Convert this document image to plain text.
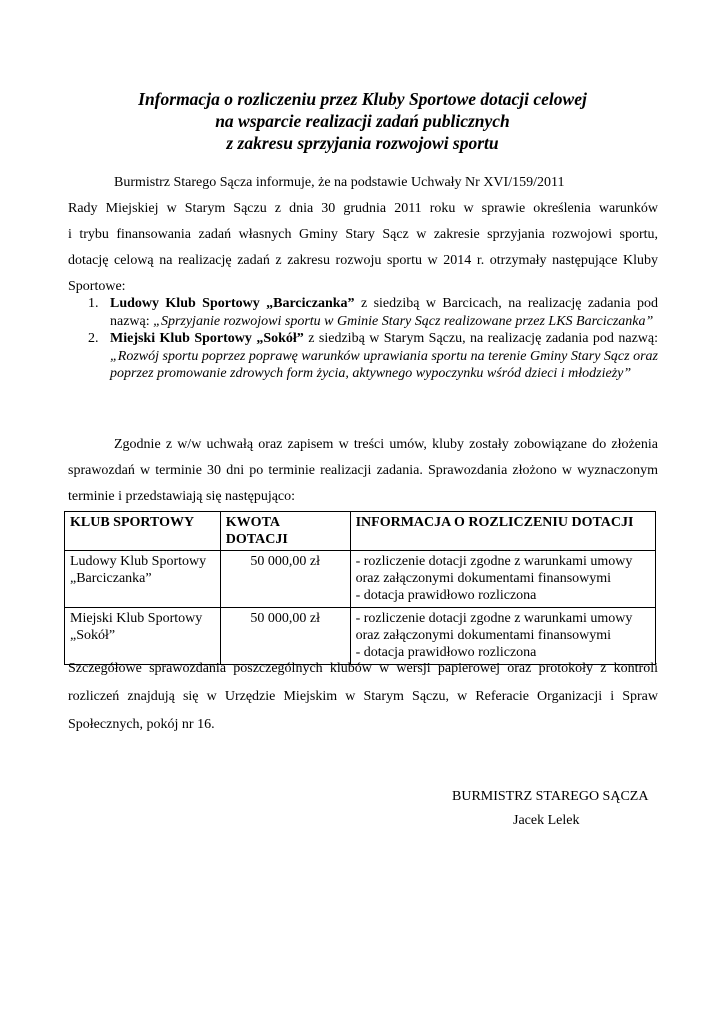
Informacja o rozliczeniu przez Kluby Sportowe dotacji celowej
na wsparcie realizacji zadań publicznych
z zakresu sprzyjania rozwojowi sportu
Burmistrz Starego Sącza informuje, że na podstawie Uchwały Nr XVI/159/2011
Rady Miejskiej w Starym Sączu z dnia 30 grudnia 2011 roku w sprawie określenia warunków
i trybu finansowania zadań własnych Gminy Stary Sącz w zakresie sprzyjania rozwojowi sportu,
dotację celową na realizację zadań z zakresu rozwoju sportu w 2014 r. otrzymały następujące Kluby
Sportowe:
1. Ludowy Klub Sportowy „Barciczanka” z siedzibą w Barcicach, na realizację zadania pod nazwą: „Sprzyjanie rozwojowi sportu w Gminie Stary Sącz realizowane przez LKS Barciczanka”
2. Miejski Klub Sportowy „Sokół” z siedzibą w Starym Sączu, na realizację zadania pod nazwą: „Rozwój sportu poprzez poprawę warunków uprawiania sportu na terenie Gminy Stary Sącz oraz poprzez promowanie zdrowych form życia, aktywnego wypoczynku wśród dzieci i młodzieży”
Zgodnie z w/w uchwałą oraz zapisem w treści umów, kluby zostały zobowiązane do złożenia sprawozdań w terminie 30 dni po terminie realizacji zadania. Sprawozdania złożono w wyznaczonym terminie i przedstawiają się następująco:
KLUB SPORTOWY	KWOTA DOTACJI	INFORMACJA O ROZLICZENIU DOTACJI

Ludowy Klub Sportowy
„Barciczanka”	50 000,00 zł	- rozliczenie dotacji zgodne z warunkami umowy
oraz załączonymi dokumentami finansowymi
- dotacja prawidłowo rozliczona

Miejski Klub Sportowy
„Sokół”	50 000,00 zł	- rozliczenie dotacji zgodne z warunkami umowy
oraz załączonymi dokumentami finansowymi
- dotacja prawidłowo rozliczona
Szczegółowe sprawozdania poszczególnych klubów w wersji papierowej oraz protokoły z kontroli rozliczeń znajdują się w Urzędzie Miejskim w Starym Sączu, w Referacie Organizacji i Spraw Społecznych, pokój nr 16.
BURMISTRZ STAREGO SĄCZA
Jacek Lelek
